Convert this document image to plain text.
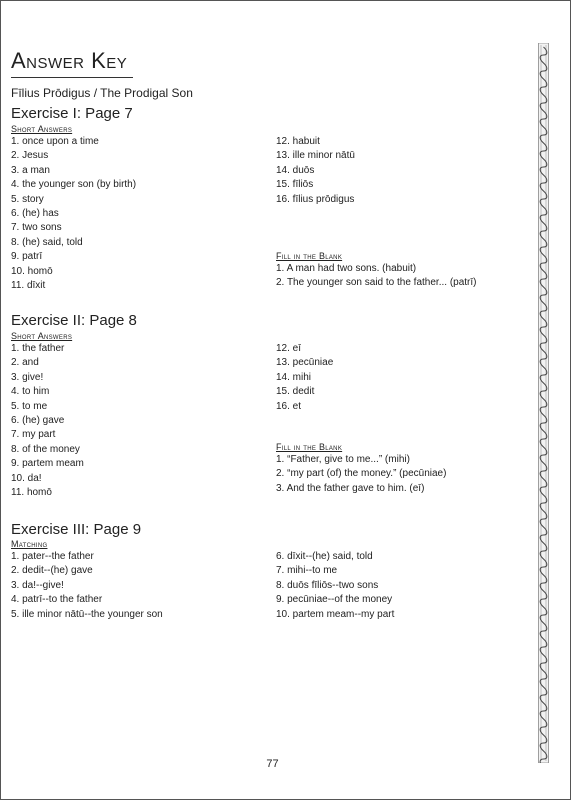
Answer Key
Fīlius Prōdigus / The Prodigal Son
Exercise I: Page 7
Short Answers
1. once upon a time
2. Jesus
3. a man
4. the younger son (by birth)
5. story
6. (he) has
7. two sons
8. (he) said, told
9. patrī
10. homō
11. dīxit
12. habuit
13. ille minor nātū
14. duōs
15. fīliōs
16. fīlius prōdigus
Fill in the Blank
1. A man had two sons. (habuit)
2. The younger son said to the father... (patrī)
Exercise II: Page 8
Short Answers
1. the father
2. and
3. give!
4. to him
5. to me
6. (he) gave
7. my part
8. of the money
9. partem meam
10. da!
11. homō
12. eī
13. pecūniae
14. mihi
15. dedit
16. et
Fill in the Blank
1. “Father, give to me...” (mihi)
2. “my part (of) the money.” (pecūniae)
3. And the father gave to him. (eī)
Exercise III: Page 9
Matching
1. pater--the father
2. dedit--(he) gave
3. da!--give!
4. patrī--to the father
5. ille minor nātū--the younger son
6. dīxit--(he) said, told
7. mihi--to me
8. duōs fīliōs--two sons
9. pecūniae--of the money
10. partem meam--my part
77
